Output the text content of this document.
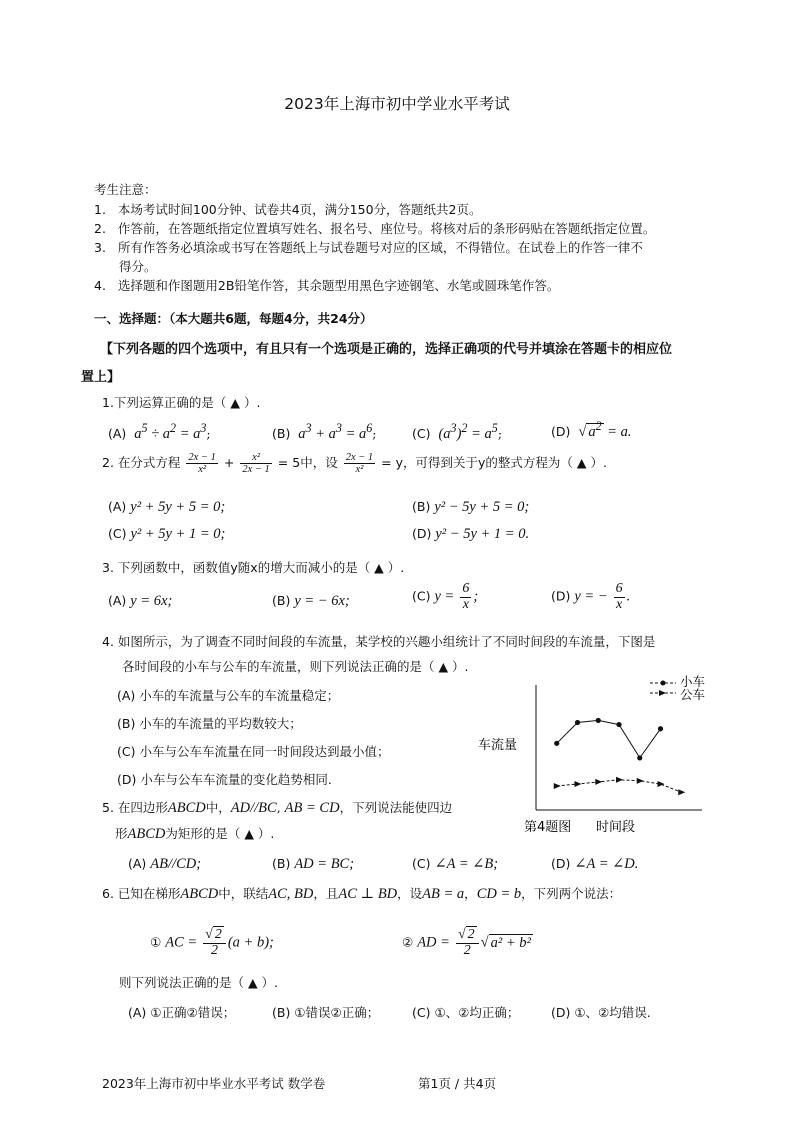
2023年上海市初中学业水平考试
考生注意：
1. 本场考试时间100分钟、试卷共4页，满分150分，答题纸共2页。
2. 作答前，在答题纸指定位置填写姓名、报名号、座位号。将核对后的条形码贴在答题纸指定位置。
3. 所有作答务必填涂或书写在答题纸上与试卷题号对应的区域，不得错位。在试卷上的作答一律不
得分。
4. 选择题和作图题用2B铅笔作答，其余题型用黑色字迹钢笔、水笔或圆珠笔作答。
一、选择题：（本大题共6题，每题4分，共24分）
【下列各题的四个选项中，有且只有一个选项是正确的，选择正确项的代号并填涂在答题卡的相应位
置上】
1.下列运算正确的是（ ▲ ）.
(A) $a^5 \div a^2 = a^3$;	(B) $a^3 + a^3 = a^6$;	(C) $(a^3)^2 = a^5$;	(D) √ $a^2 = a$.
2. 在分式方程 $\frac{2x - 1}{\text{x²}} + \frac{\text{x²}}{2x - 1} = 5$中，设 $\frac{2x - 1}{\text{x²}} = y$，可得到关于y的整式方程为（ ▲ ）.
(A) y² + 5y + 5 = 0;	(B) y² − 5y + 5 = 0;
(C) y² + 5y + 1 = 0;	(D) y² − 5y + 1 = 0.
3. 下列函数中，函数值y随x的增大而减小的是（ ▲ ）.
(A) y = 6x;	(B) y = − 6x;	(C) $y = \frac{6}{x}$ ;	(D) y = − $\frac{6}{x}$ .
4. 如图所示，为了调查不同时间段的车流量，某学校的兴趣小组统计了不同时间段的车流量，下图是
各时间段的小车与公车的车流量，则下列说法正确的是（ ▲ ）.
(A) 小车的车流量与公车的车流量稳定；
(B) 小车的车流量的平均数较大；
(C) 小车与公车车流量在同一时间段达到最小值；
(D) 小车与公车车流量的变化趋势相同.
车流量
第4题图 时间段
小车
公车
5. 在四边形ABCD中，AD//BC, AB = CD，下列说法能使四边
形ABCD为矩形的是（ ▲ ）.
(A) AB//CD;	(B) AD = BC;	(C) ∠A = ∠B;	(D) ∠A = ∠D.
6. 已知在梯形ABCD中，联结AC, BD，且AC ⊥ BD，设AB = a，CD = b，下列两个说法：
① AC = $\frac{√ 2}{2} (a + b)$;	② AD = $\frac{√ 2}{2}$ √ a² + b²
则下列说法正确的是（ ▲ ）.
(A) ①正确②错误；	(B) ①错误②正确；	(C) ①、②均正确；	(D) ①、②均错误.
2023年上海市初中毕业水平考试 数学卷	第1页 / 共4页
